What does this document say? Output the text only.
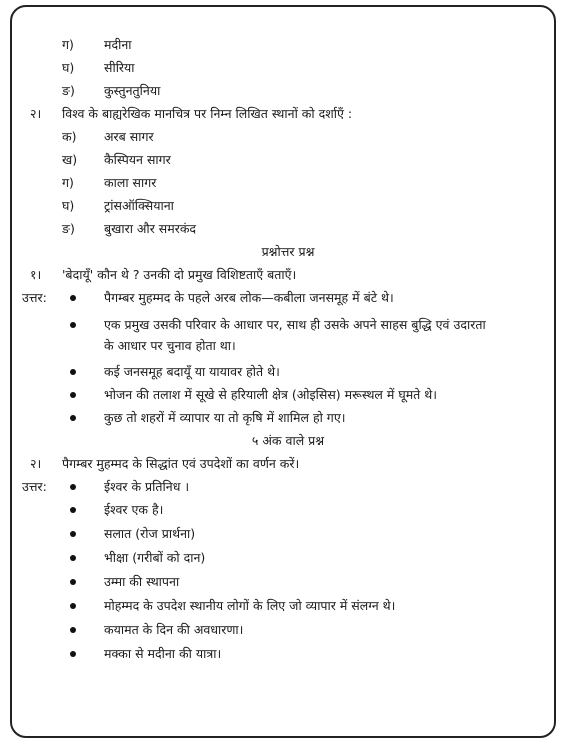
ग) मदीना
घ) सीरिया
ङ) कुस्तुनतुनिया
२। विश्व के बाह्यरेखिक मानचित्र पर निम्न लिखित स्थानों को दर्शाएँ :
क) अरब सागर
ख) कैस्पियन सागर
ग) काला सागर
घ) ट्रांसऑक्सियाना
ङ) बुखारा और समरकंद
प्रश्नोत्तर प्रश्न
१। 'बेदायूँ' कौन थे ? उनकी दो प्रमुख विशिष्टताएँ बताएँ।
उत्तर:	पैगम्बर मुहम्मद के पहले अरब लोक—कबीला जनसमूह में बंटे थे।
एक प्रमुख उसकी परिवार के आधार पर, साथ ही उसके अपने साहस बुद्धि एवं उदारता
के आधार पर चुनाव होता था।
कई जनसमूह बदायूँ या यायावर होते थे।
भोजन की तलाश में सूखे से हरियाली क्षेत्र (ओइसिस) मरूस्थल में घूमते थे।
कुछ तो शहरों में व्यापार या तो कृषि में शामिल हो गए।
५ अंक वाले प्रश्न
२। पैगम्बर मुहम्मद के सिद्धांत एवं उपदेशों का वर्णन करें।
उत्तर:	ईश्वर के प्रतिनिध ।
ईश्वर एक है।
सलात (रोज प्रार्थना)
भीक्षा (गरीबों को दान)
उम्मा की स्थापना
मोहम्मद के उपदेश स्थानीय लोगों के लिए जो व्यापार में संलग्न थे।
कयामत के दिन की अवधारणा।
मक्का से मदीना की यात्रा।
